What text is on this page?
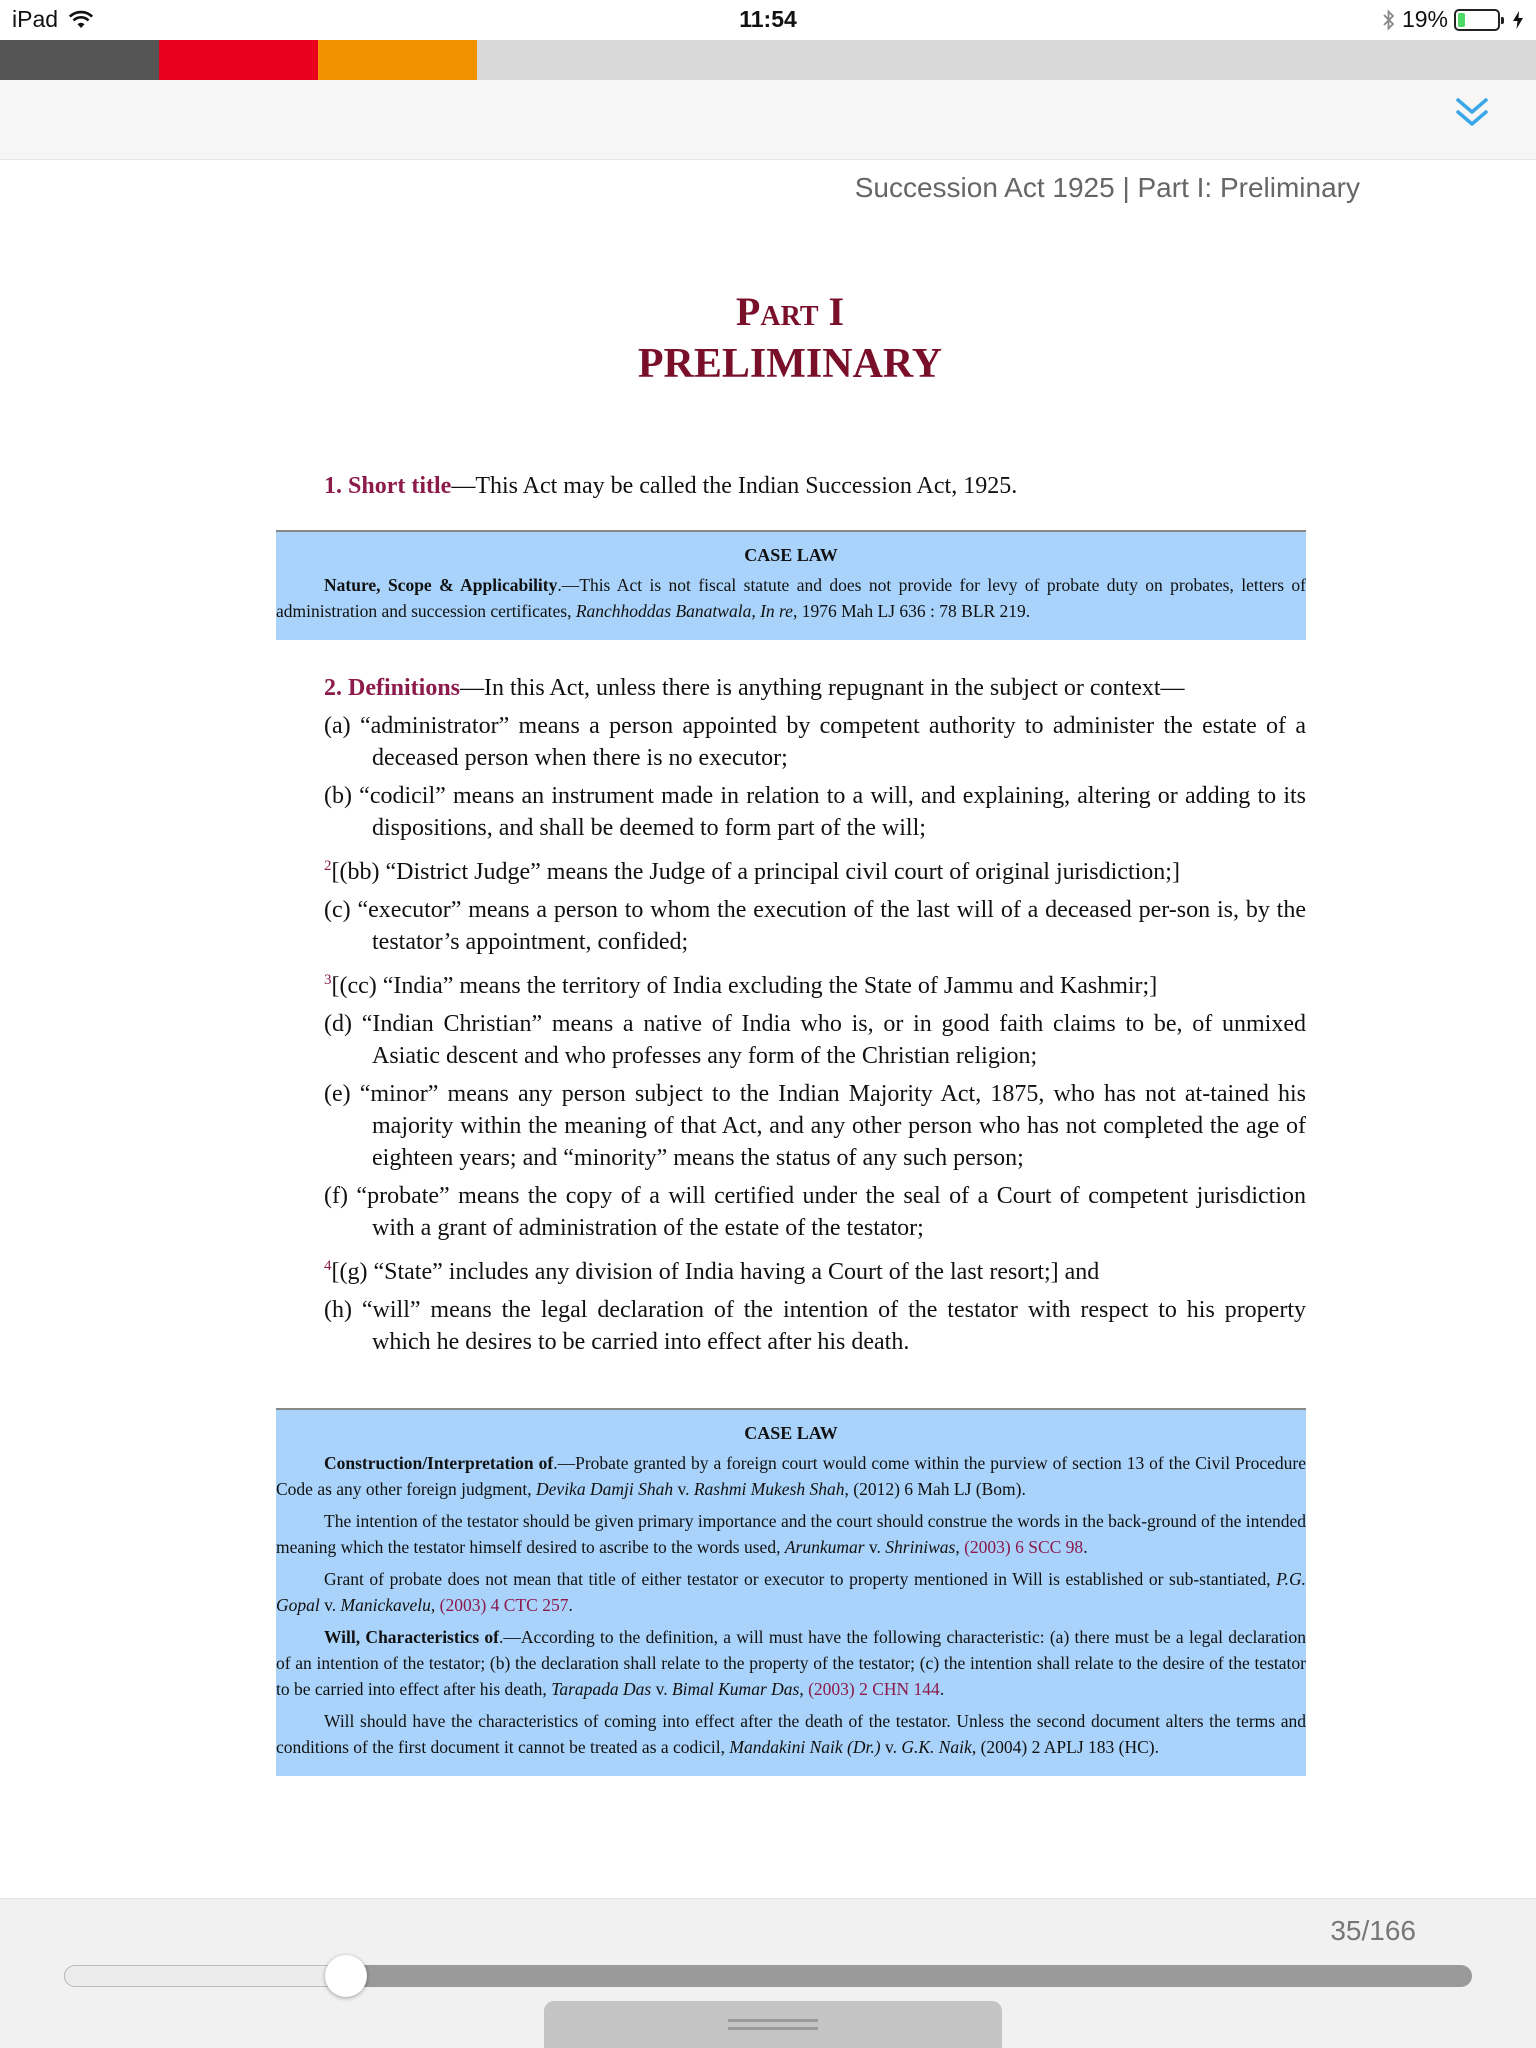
iPad	11:54	19%
Succession Act 1925 | Part I: Preliminary
Part I
PRELIMINARY
1. Short title—This Act may be called the Indian Succession Act, 1925.
CASE LAW

Nature, Scope & Applicability.—This Act is not fiscal statute and does not provide for levy of probate duty on probates, letters of administration and succession certificates, Ranchhoddas Banatwala, In re, 1976 Mah LJ 636 : 78 BLR 219.

2. Definitions—In this Act, unless there is anything repugnant in the subject or context—
(a) “administrator” means a person appointed by competent authority to administer the estate of a deceased person when there is no executor;
(b) “codicil” means an instrument made in relation to a will, and explaining, altering or adding to its dispositions, and shall be deemed to form part of the will;
$^2$[(bb) “District Judge” means the Judge of a principal civil court of original jurisdiction;]
(c) “executor” means a person to whom the execution of the last will of a deceased per-son is, by the testator’s appointment, confided;
$^3$[(cc) “India” means the territory of India excluding the State of Jammu and Kashmir;]
(d) “Indian Christian” means a native of India who is, or in good faith claims to be, of unmixed Asiatic descent and who professes any form of the Christian religion;
(e) “minor” means any person subject to the Indian Majority Act, 1875, who has not at-tained his majority within the meaning of that Act, and any other person who has not completed the age of eighteen years; and “minority” means the status of any such person;
(f) “probate” means the copy of a will certified under the seal of a Court of competent jurisdiction with a grant of administration of the estate of the testator;
$^4$[(g) “State” includes any division of India having a Court of the last resort;] and
(h) “will” means the legal declaration of the intention of the testator with respect to his property which he desires to be carried into effect after his death.
CASE LAW

Construction/Interpretation of.—Probate granted by a foreign court would come within the purview of section 13 of the Civil Procedure Code as any other foreign judgment, Devika Damji Shah v. Rashmi Mukesh Shah, (2012) 6 Mah LJ (Bom).

The intention of the testator should be given primary importance and the court should construe the words in the back-ground of the intended meaning which the testator himself desired to ascribe to the words used, Arunkumar v. Shriniwas, (2003) 6 SCC 98.

Grant of probate does not mean that title of either testator or executor to property mentioned in Will is established or sub-stantiated, P.G. Gopal v. Manickavelu, (2003) 4 CTC 257.

Will, Characteristics of.—According to the definition, a will must have the following characteristic: (a) there must be a legal declaration of an intention of the testator; (b) the declaration shall relate to the property of the testator; (c) the intention shall relate to the desire of the testator to be carried into effect after his death, Tarapada Das v. Bimal Kumar Das, (2003) 2 CHN 144.

Will should have the characteristics of coming into effect after the death of the testator. Unless the second document alters the terms and conditions of the first document it cannot be treated as a codicil, Mandakini Naik (Dr.) v. G.K. Naik, (2004) 2 APLJ 183 (HC).

35/166
